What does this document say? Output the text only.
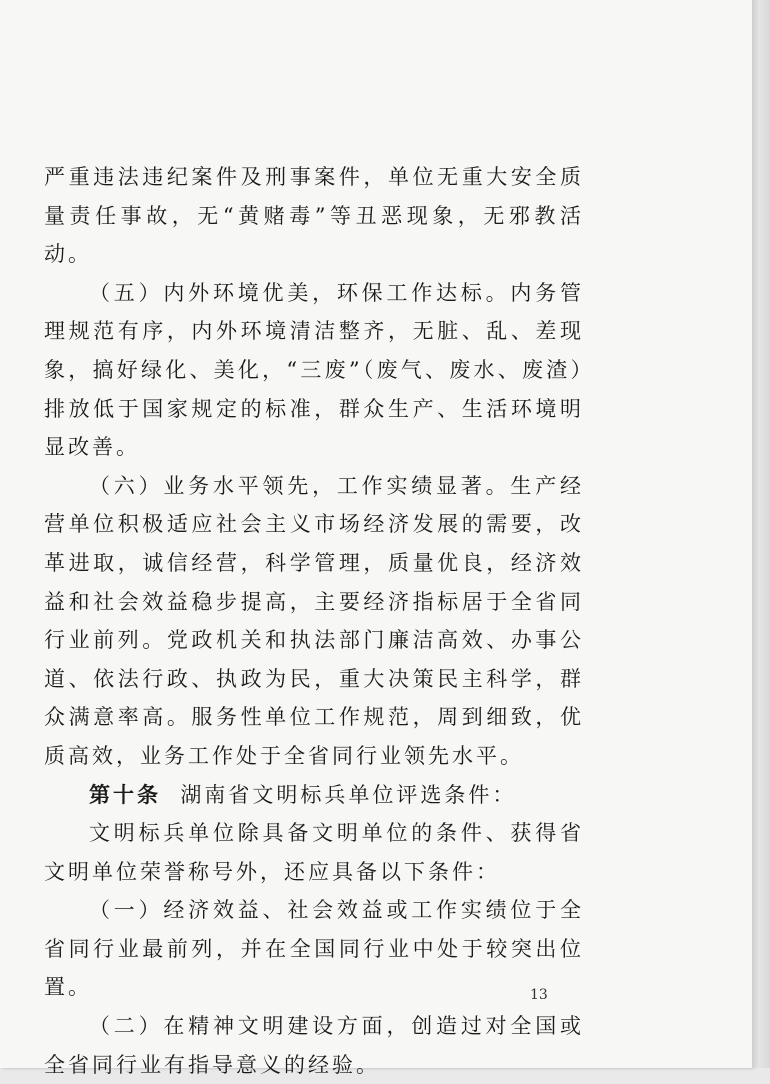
严重违法违纪案件及刑事案件，单位无重大安全质量责任事故，无“黄赌毒”等丑恶现象，无邪教活动。

（五）内外环境优美，环保工作达标。内务管理规范有序，内外环境清洁整齐，无脏、乱、差现象，搞好绿化、美化，“三废”（废气、废水、废渣）排放低于国家规定的标准，群众生产、生活环境明显改善。

（六）业务水平领先，工作实绩显著。生产经营单位积极适应社会主义市场经济发展的需要，改革进取，诚信经营，科学管理，质量优良，经济效益和社会效益稳步提高，主要经济指标居于全省同行业前列。党政机关和执法部门廉洁高效、办事公道、依法行政、执政为民，重大决策民主科学，群众满意率高。服务性单位工作规范，周到细致，优质高效，业务工作处于全省同行业领先水平。

第十条 湖南省文明标兵单位评选条件：

文明标兵单位除具备文明单位的条件、获得省文明单位荣誉称号外，还应具备以下条件：

（一）经济效益、社会效益或工作实绩位于全省同行业最前列，并在全国同行业中处于较突出位置。

（二）在精神文明建设方面，创造过对全国或全省同行业有指导意义的经验。

13
